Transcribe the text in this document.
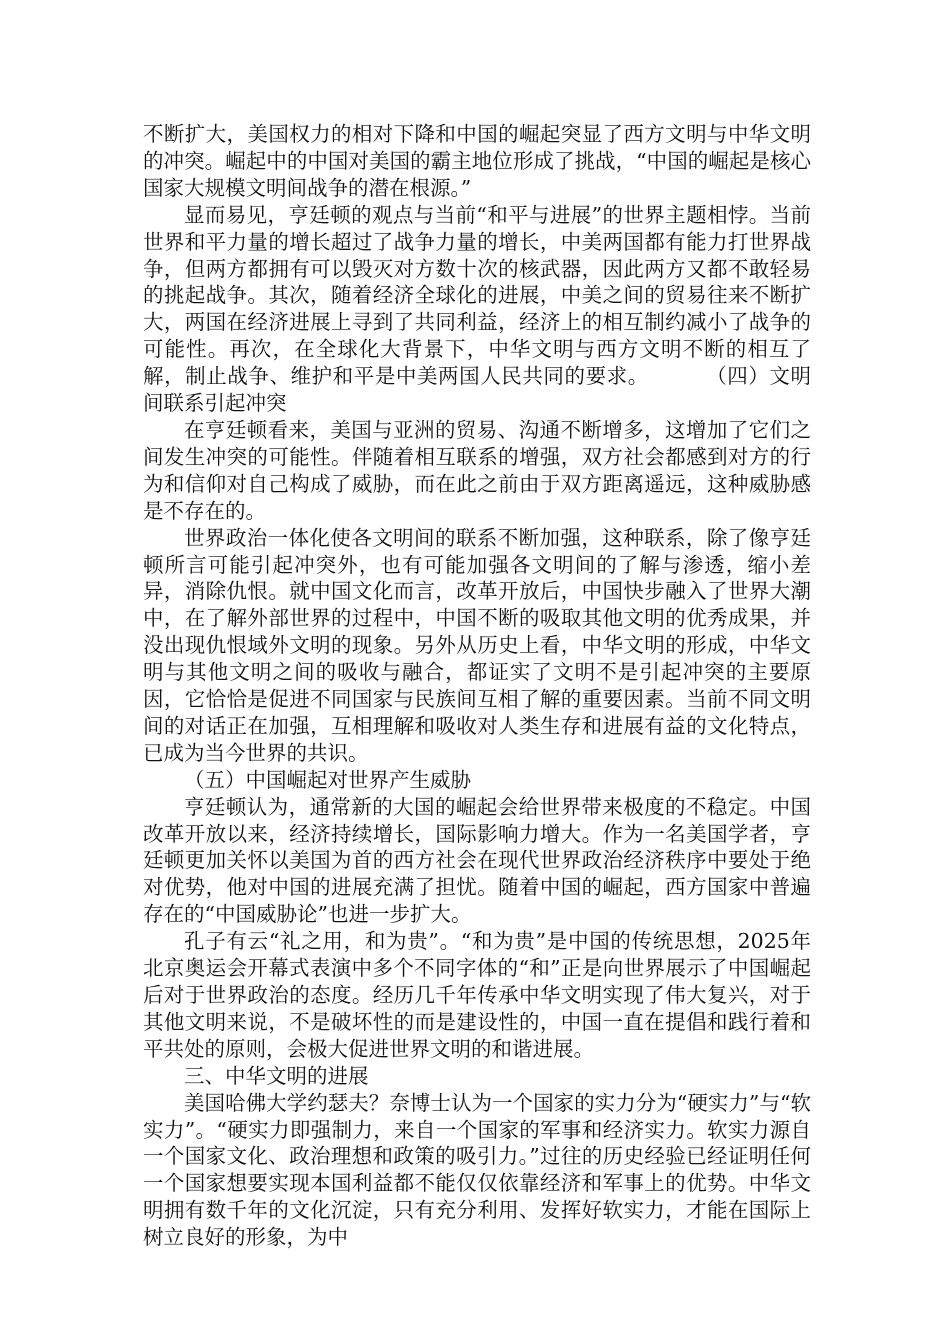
不断扩大，美国权力的相对下降和中国的崛起突显了西方文明与中华文明的冲突。崛起中的中国对美国的霸主地位形成了挑战，“中国的崛起是核心国家大规模文明间战争的潜在根源。”

显而易见，亨廷顿的观点与当前“和平与进展”的世界主题相悖。当前世界和平力量的增长超过了战争力量的增长，中美两国都有能力打世界战争，但两方都拥有可以毁灭对方数十次的核武器，因此两方又都不敢轻易的挑起战争。其次，随着经济全球化的进展，中美之间的贸易往来不断扩大，两国在经济进展上寻到了共同利益，经济上的相互制约减小了战争的可能性。再次，在全球化大背景下，中华文明与西方文明不断的相互了解，制止战争、维护和平是中美两国人民共同的要求。	（四）文明间联系引起冲突

在亨廷顿看来，美国与亚洲的贸易、沟通不断增多，这增加了它们之间发生冲突的可能性。伴随着相互联系的增强，双方社会都感到对方的行为和信仰对自己构成了威胁，而在此之前由于双方距离遥远，这种威胁感是不存在的。

世界政治一体化使各文明间的联系不断加强，这种联系，除了像亨廷顿所言可能引起冲突外，也有可能加强各文明间的了解与渗透，缩小差异，消除仇恨。就中国文化而言，改革开放后，中国快步融入了世界大潮中，在了解外部世界的过程中，中国不断的吸取其他文明的优秀成果，并没出现仇恨域外文明的现象。另外从历史上看，中华文明的形成，中华文明与其他文明之间的吸收与融合，都证实了文明不是引起冲突的主要原因，它恰恰是促进不同国家与民族间互相了解的重要因素。当前不同文明间的对话正在加强，互相理解和吸收对人类生存和进展有益的文化特点，已成为当今世界的共识。

（五）中国崛起对世界产生威胁

亨廷顿认为，通常新的大国的崛起会给世界带来极度的不稳定。中国改革开放以来，经济持续增长，国际影响力增大。作为一名美国学者，亨廷顿更加关怀以美国为首的西方社会在现代世界政治经济秩序中要处于绝对优势，他对中国的进展充满了担忧。随着中国的崛起，西方国家中普遍存在的“中国威胁论”也进一步扩大。

孔子有云“礼之用，和为贵”。“和为贵”是中国的传统思想，2025年北京奥运会开幕式表演中多个不同字体的“和”正是向世界展示了中国崛起后对于世界政治的态度。经历几千年传承中华文明实现了伟大复兴，对于其他文明来说，不是破坏性的而是建设性的，中国一直在提倡和践行着和平共处的原则，会极大促进世界文明的和谐进展。

三、中华文明的进展

美国哈佛大学约瑟夫？奈博士认为一个国家的实力分为“硬实力”与“软实力”。“硬实力即强制力，来自一个国家的军事和经济实力。软实力源自一个国家文化、政治理想和政策的吸引力。”过往的历史经验已经证明任何一个国家想要实现本国利益都不能仅仅依靠经济和军事上的优势。中华文明拥有数千年的文化沉淀，只有充分利用、发挥好软实力，才能在国际上树立良好的形象，为中
